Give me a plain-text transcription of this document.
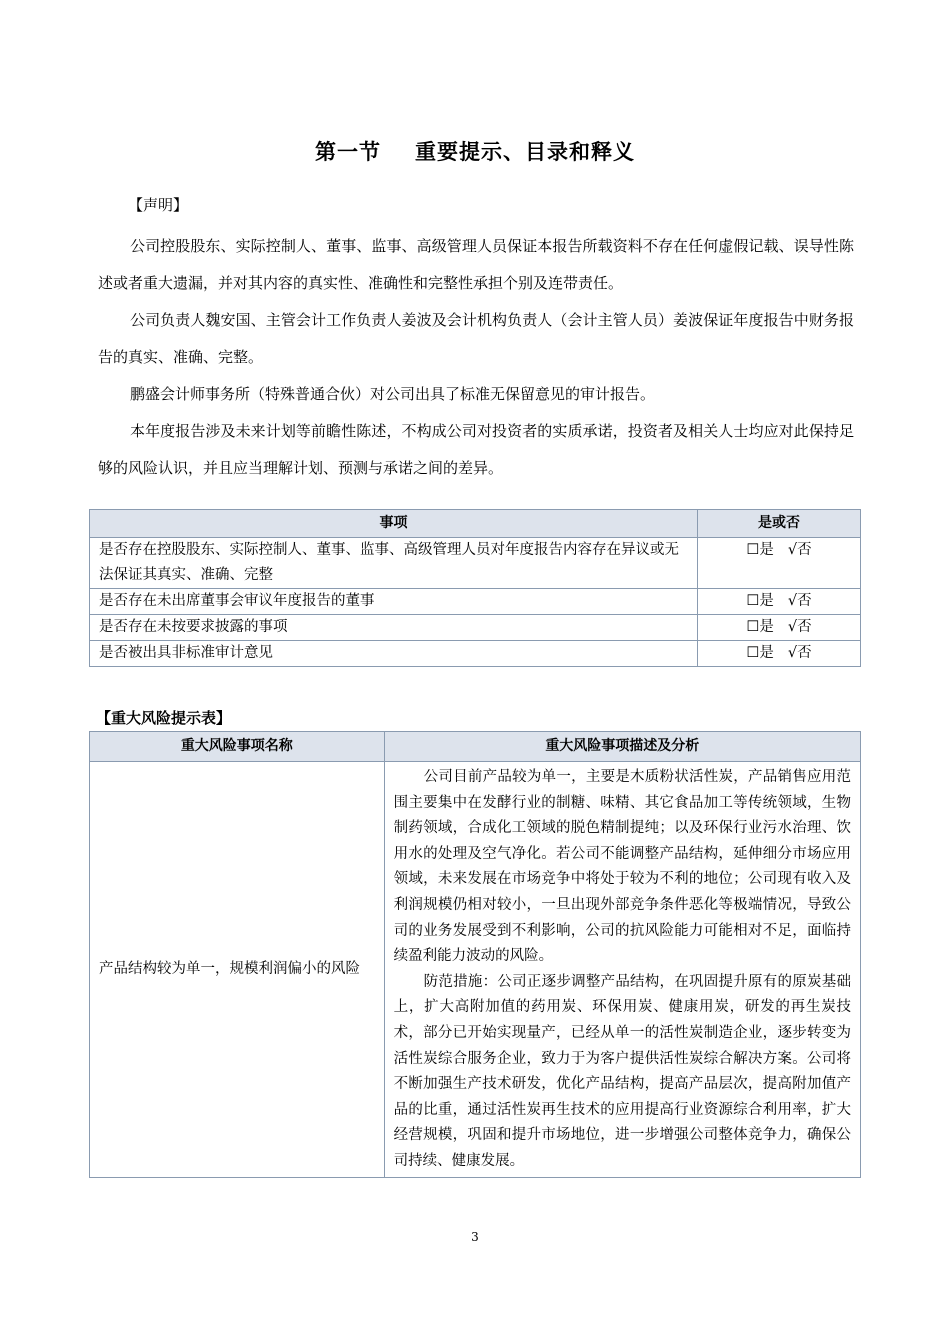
第一节 重要提示、目录和释义
【声明】

公司控股股东、实际控制人、董事、监事、高级管理人员保证本报告所载资料不存在任何虚假记载、误导性陈述或者重大遗漏，并对其内容的真实性、准确性和完整性承担个别及连带责任。

公司负责人魏安国、主管会计工作负责人姜波及会计机构负责人（会计主管人员）姜波保证年度报告中财务报告的真实、准确、完整。

鹏盛会计师事务所（特殊普通合伙）对公司出具了标准无保留意见的审计报告。

本年度报告涉及未来计划等前瞻性陈述，不构成公司对投资者的实质承诺，投资者及相关人士均应对此保持足够的风险认识，并且应当理解计划、预测与承诺之间的差异。

事项	是或否
是否存在控股股东、实际控制人、董事、监事、高级管理人员对年度报告内容存在异议或无法保证其真实、准确、完整	☐是 √否
是否存在未出席董事会审议年度报告的董事	☐是 √否
是否存在未按要求披露的事项	☐是 √否
是否被出具非标准审计意见	☐是 √否
【重大风险提示表】
重大风险事项名称	重大风险事项描述及分析
产品结构较为单一，规模利润偏小的风险	公司目前产品较为单一，主要是木质粉状活性炭，产品销售应用范围主要集中在发酵行业的制糖、味精、其它食品加工等传统领域，生物制药领域，合成化工领域的脱色精制提纯；以及环保行业污水治理、饮用水的处理及空气净化。若公司不能调整产品结构，延伸细分市场应用领域，未来发展在市场竞争中将处于较为不利的地位；公司现有收入及利润规模仍相对较小，一旦出现外部竞争条件恶化等极端情况，导致公司的业务发展受到不利影响，公司的抗风险能力可能相对不足，面临持续盈利能力波动的风险。

防范措施：公司正逐步调整产品结构，在巩固提升原有的原炭基础上，扩大高附加值的药用炭、环保用炭、健康用炭，研发的再生炭技术，部分已开始实现量产，已经从单一的活性炭制造企业，逐步转变为活性炭综合服务企业，致力于为客户提供活性炭综合解决方案。公司将不断加强生产技术研发，优化产品结构，提高产品层次，提高附加值产品的比重，通过活性炭再生技术的应用提高行业资源综合利用率，扩大经营规模，巩固和提升市场地位，进一步增强公司整体竞争力，确保公司持续、健康发展。

3
